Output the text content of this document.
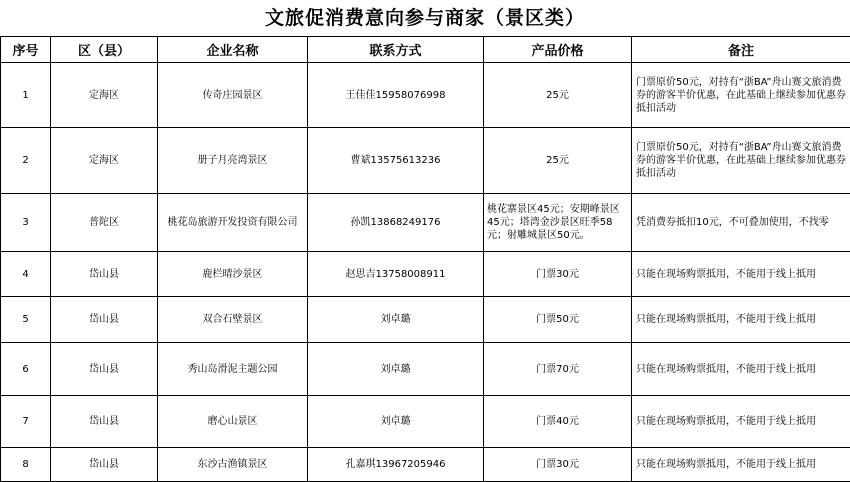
文旅促消费意向参与商家（景区类）
序号	区（县）	企业名称	联系方式	产品价格	备注
1	定海区	传奇庄园景区	王佳佳15958076998	25元	门票原价50元，对持有“浙BA”舟山赛文旅消费券的游客半价优惠，在此基础上继续参加优惠券抵扣活动
2	定海区	册子月亮湾景区	曹斌13575613236	25元	门票原价50元，对持有“浙BA”舟山赛文旅消费券的游客半价优惠，在此基础上继续参加优惠券抵扣活动
3	普陀区	桃花岛旅游开发投资有限公司	孙凯13868249176	桃花寨景区45元；安期峰景区45元；塔湾金沙景区旺季58元；射雕城景区50元。	凭消费券抵扣10元，不可叠加使用，不找零
4	岱山县	鹿栏晴沙景区	赵思吉13758008911	门票30元	只能在现场购票抵用，不能用于线上抵用
5	岱山县	双合石壁景区	刘卓璐	门票50元	只能在现场购票抵用，不能用于线上抵用
6	岱山县	秀山岛滑泥主题公园	刘卓璐	门票70元	只能在现场购票抵用，不能用于线上抵用
7	岱山县	磨心山景区	刘卓璐	门票40元	只能在现场购票抵用，不能用于线上抵用
8	岱山县	东沙古渔镇景区	孔嘉琪13967205946	门票30元	只能在现场购票抵用，不能用于线上抵用
